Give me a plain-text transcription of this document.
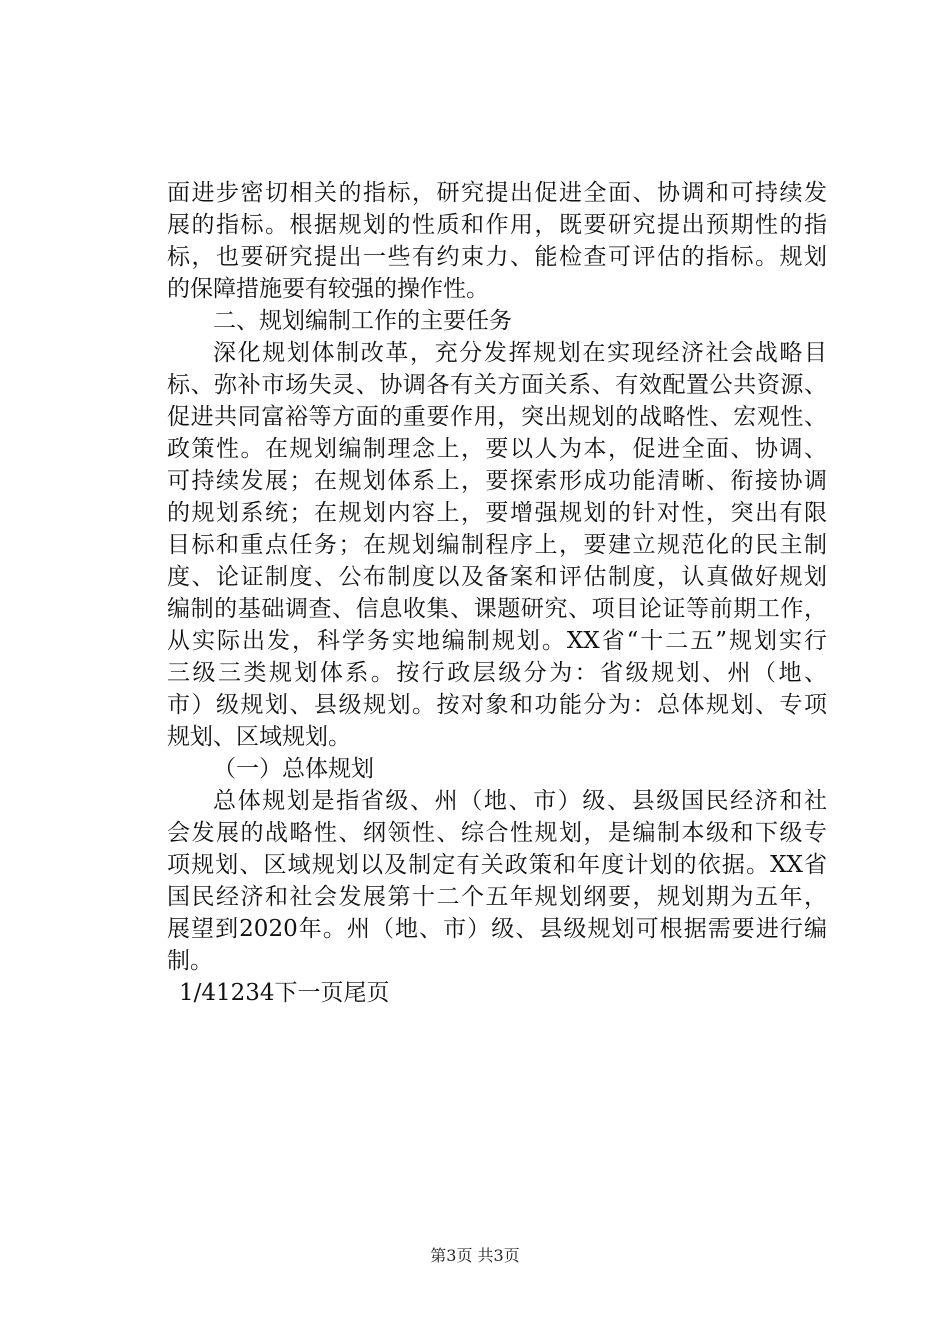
面进步密切相关的指标，研究提出促进全面、协调和可持续发
展的指标。根据规划的性质和作用，既要研究提出预期性的指
标，也要研究提出一些有约束力、能检查可评估的指标。规划
的保障措施要有较强的操作性。
二、规划编制工作的主要任务
深化规划体制改革，充分发挥规划在实现经济社会战略目
标、弥补市场失灵、协调各有关方面关系、有效配置公共资源、
促进共同富裕等方面的重要作用，突出规划的战略性、宏观性、
政策性。在规划编制理念上，要以人为本，促进全面、协调、
可持续发展；在规划体系上，要探索形成功能清晰、衔接协调
的规划系统；在规划内容上，要增强规划的针对性，突出有限
目标和重点任务；在规划编制程序上，要建立规范化的民主制
度、论证制度、公布制度以及备案和评估制度，认真做好规划
编制的基础调查、信息收集、课题研究、项目论证等前期工作，
从实际出发，科学务实地编制规划。XX省“十二五”规划实行
三级三类规划体系。按行政层级分为：省级规划、州（地、
市）级规划、县级规划。按对象和功能分为：总体规划、专项
规划、区域规划。
（一）总体规划
总体规划是指省级、州（地、市）级、县级国民经济和社
会发展的战略性、纲领性、综合性规划，是编制本级和下级专
项规划、区域规划以及制定有关政策和年度计划的依据。XX省
国民经济和社会发展第十二个五年规划纲要，规划期为五年，
展望到2020年。州（地、市）级、县级规划可根据需要进行编
制。
1/41234下一页尾页
第3页 共3页
